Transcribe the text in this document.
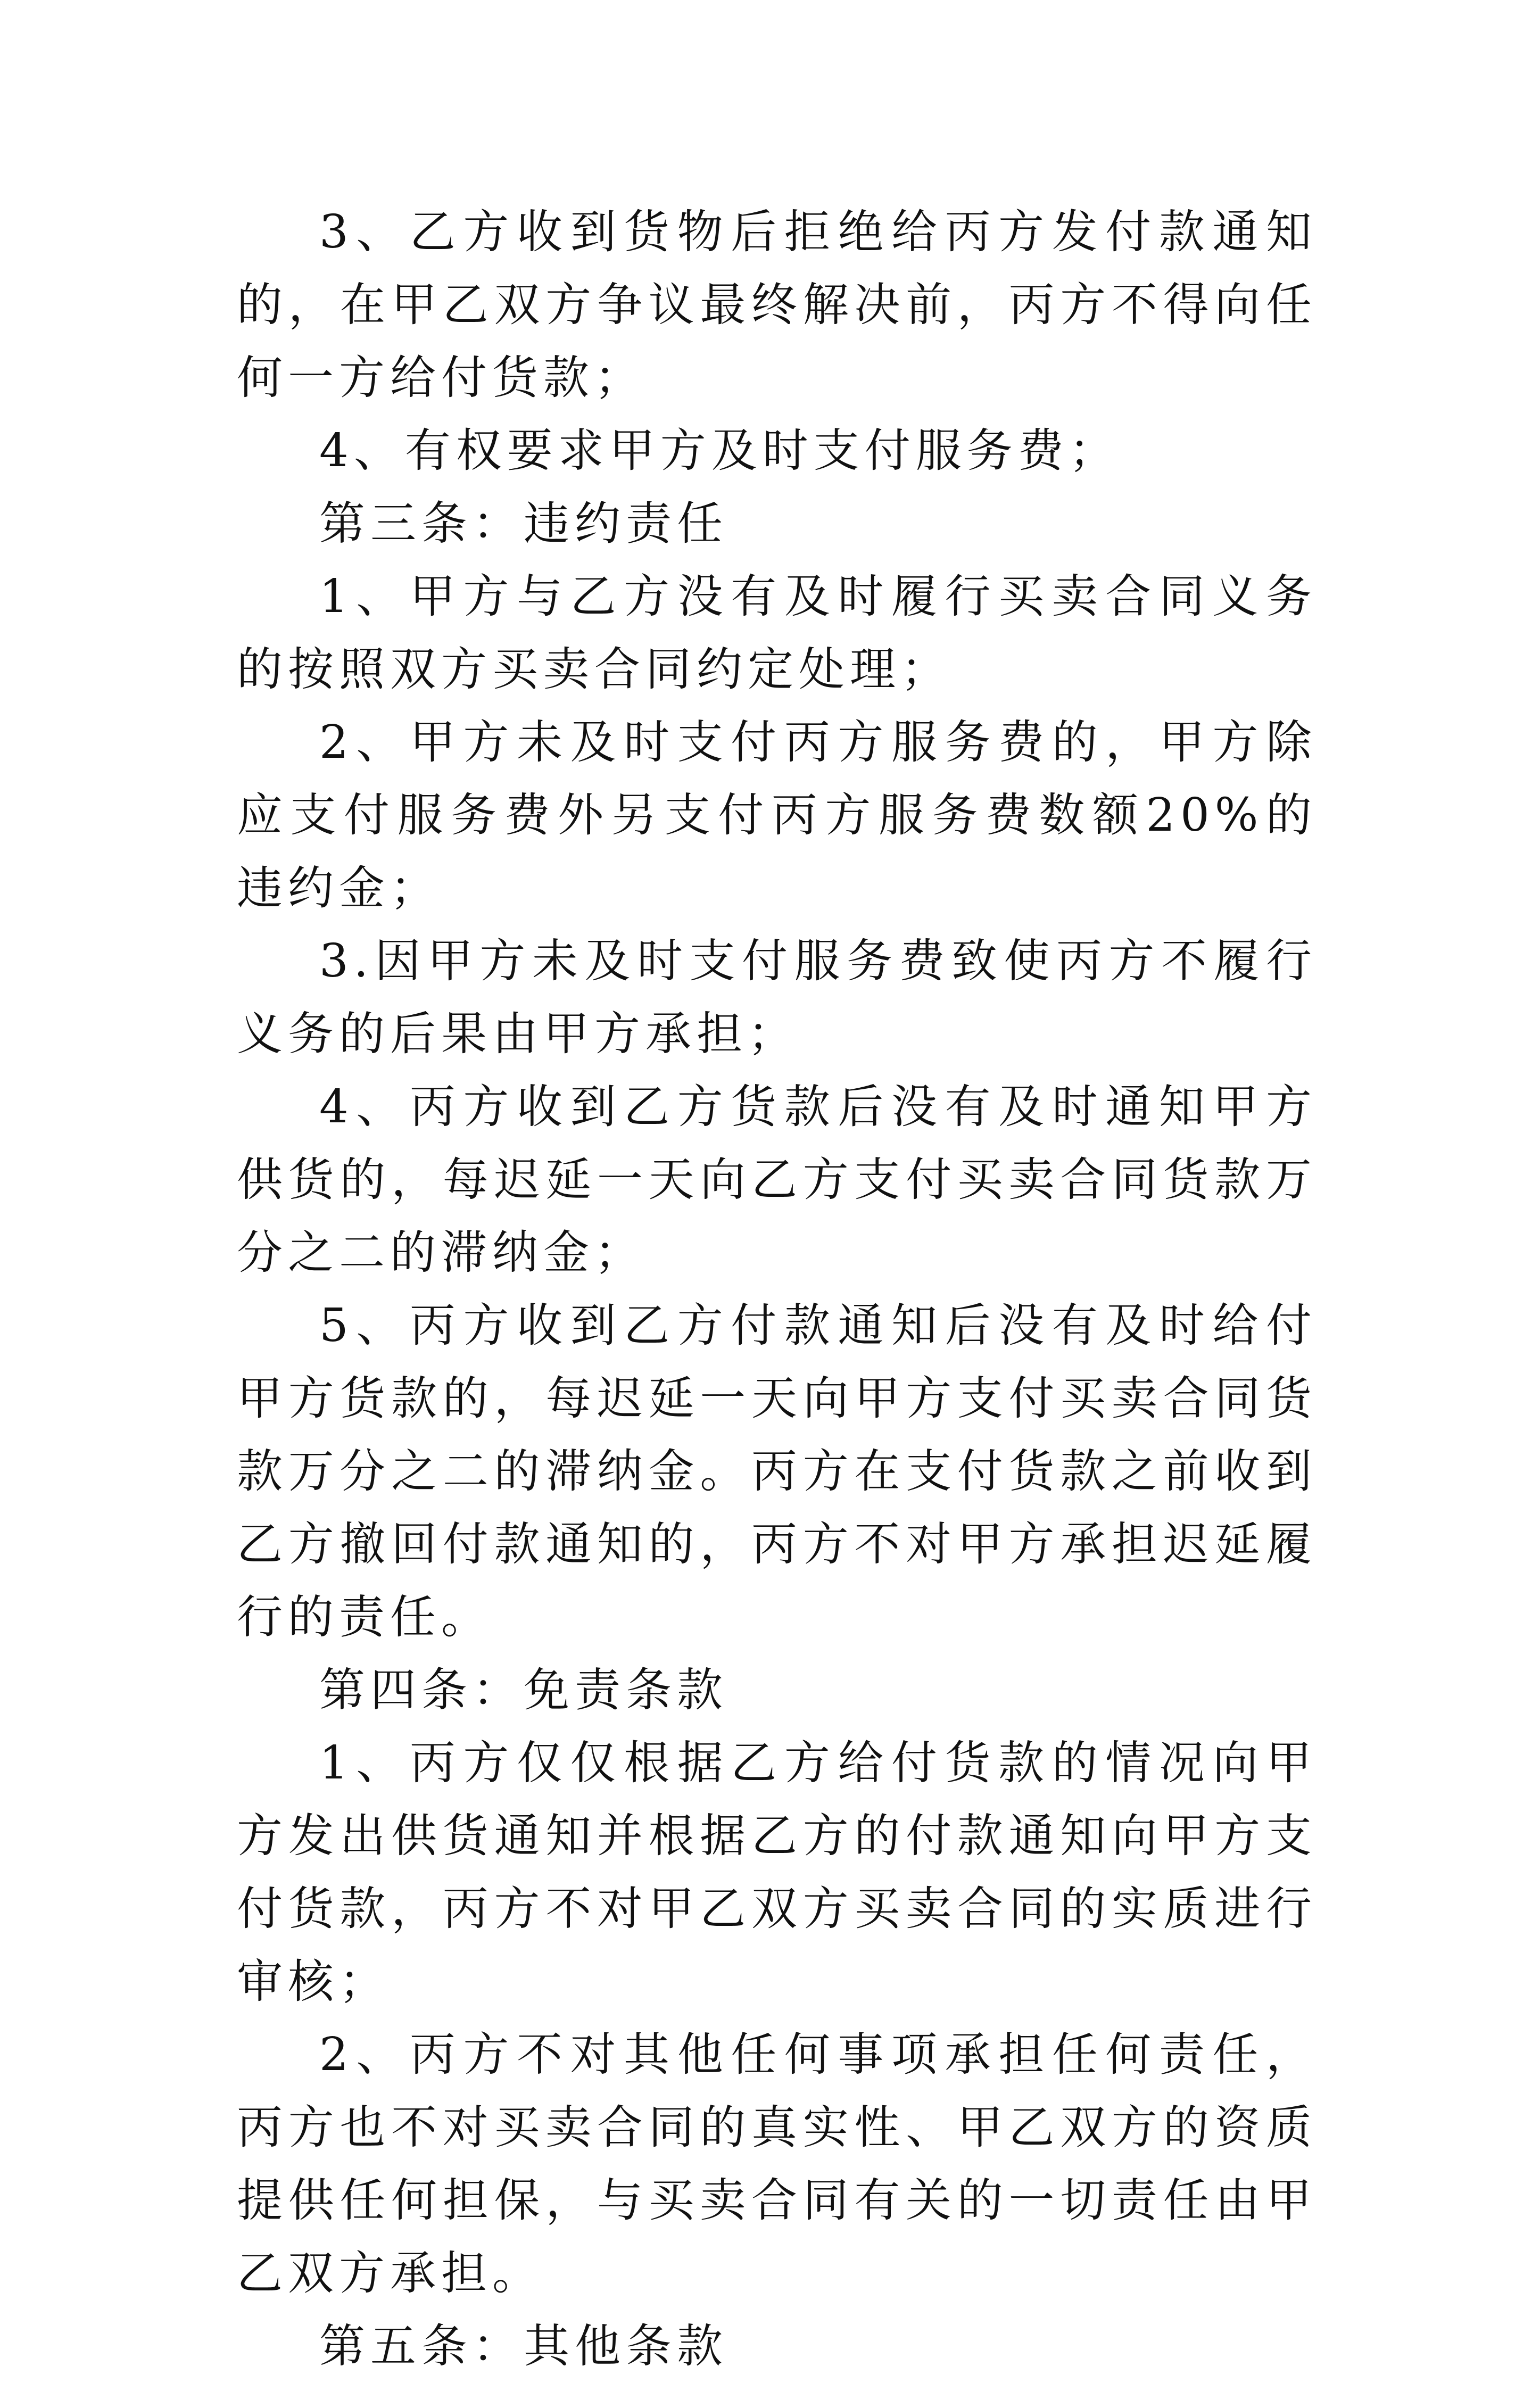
3、乙方收到货物后拒绝给丙方发付款通知的，在甲乙双方争议最终解决前，丙方不得向任何一方给付货款；

4、有权要求甲方及时支付服务费；

第三条：违约责任

1、甲方与乙方没有及时履行买卖合同义务的按照双方买卖合同约定处理；

2、甲方未及时支付丙方服务费的，甲方除应支付服务费外另支付丙方服务费数额20%的违约金；

3.因甲方未及时支付服务费致使丙方不履行义务的后果由甲方承担；

4、丙方收到乙方货款后没有及时通知甲方供货的，每迟延一天向乙方支付买卖合同货款万分之二的滞纳金；

5、丙方收到乙方付款通知后没有及时给付甲方货款的，每迟延一天向甲方支付买卖合同货款万分之二的滞纳金。丙方在支付货款之前收到乙方撤回付款通知的，丙方不对甲方承担迟延履行的责任。

第四条：免责条款

1、丙方仅仅根据乙方给付货款的情况向甲方发出供货通知并根据乙方的付款通知向甲方支付货款，丙方不对甲乙双方买卖合同的实质进行审核；

2、丙方不对其他任何事项承担任何责任，丙方也不对买卖合同的真实性、甲乙双方的资质提供任何担保，与买卖合同有关的一切责任由甲乙双方承担。

第五条：其他条款
